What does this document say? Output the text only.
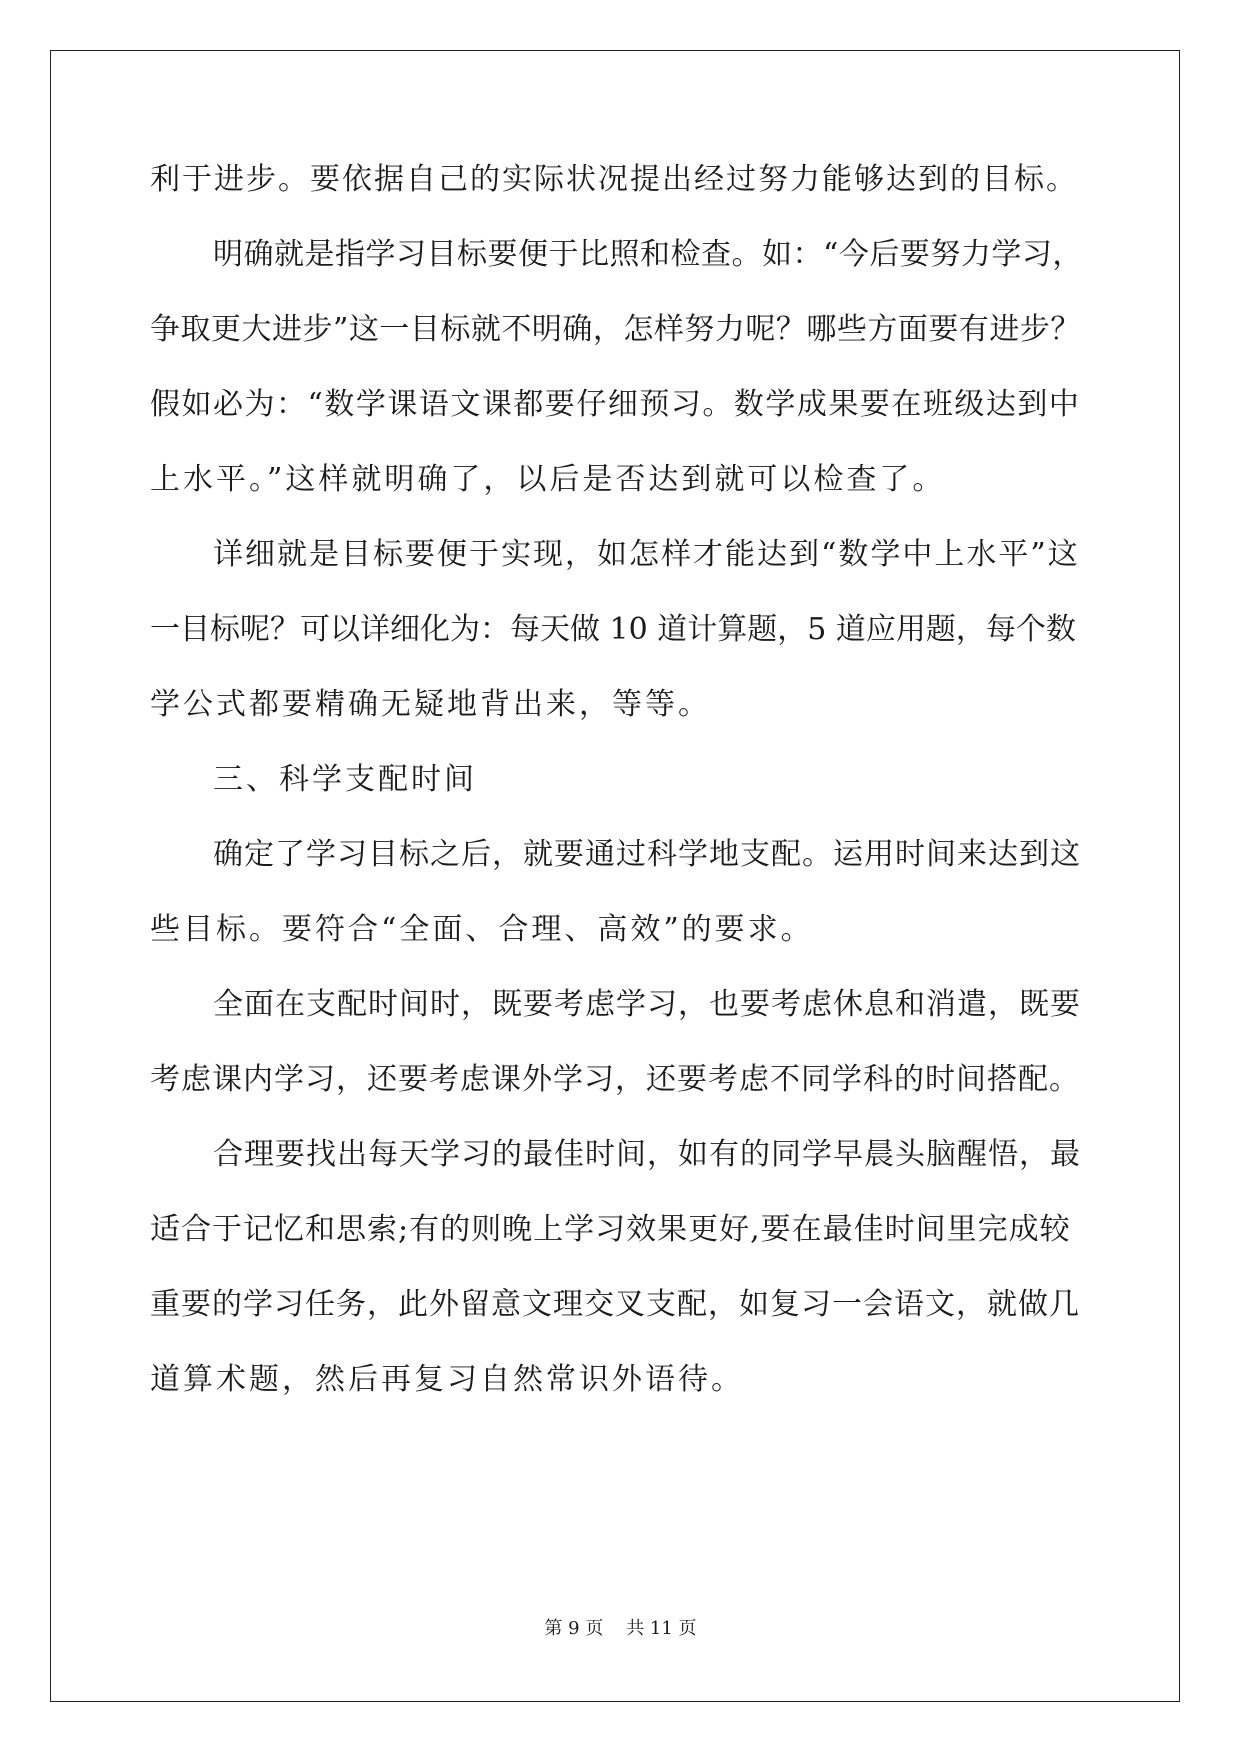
利于进步。要依据自己的实际状况提出经过努力能够达到的目标。
明确就是指学习目标要便于比照和检查。如：“今后要努力学习，
争取更大进步”这一目标就不明确，怎样努力呢？哪些方面要有进步？
假如必为：“数学课语文课都要仔细预习。数学成果要在班级达到中
上水平。”这样就明确了，以后是否达到就可以检查了。
详细就是目标要便于实现，如怎样才能达到“数学中上水平”这
一目标呢？可以详细化为：每天做 10 道计算题，5 道应用题，每个数
学公式都要精确无疑地背出来，等等。
三、科学支配时间
确定了学习目标之后，就要通过科学地支配。运用时间来达到这
些目标。要符合“全面、合理、高效”的要求。
全面在支配时间时，既要考虑学习，也要考虑休息和消遣，既要
考虑课内学习，还要考虑课外学习，还要考虑不同学科的时间搭配。
合理要找出每天学习的最佳时间，如有的同学早晨头脑醒悟，最
适合于记忆和思索;有的则晚上学习效果更好,要在最佳时间里完成较
重要的学习任务，此外留意文理交叉支配，如复习一会语文，就做几
道算术题，然后再复习自然常识外语待。
第 9 页    共 11 页
